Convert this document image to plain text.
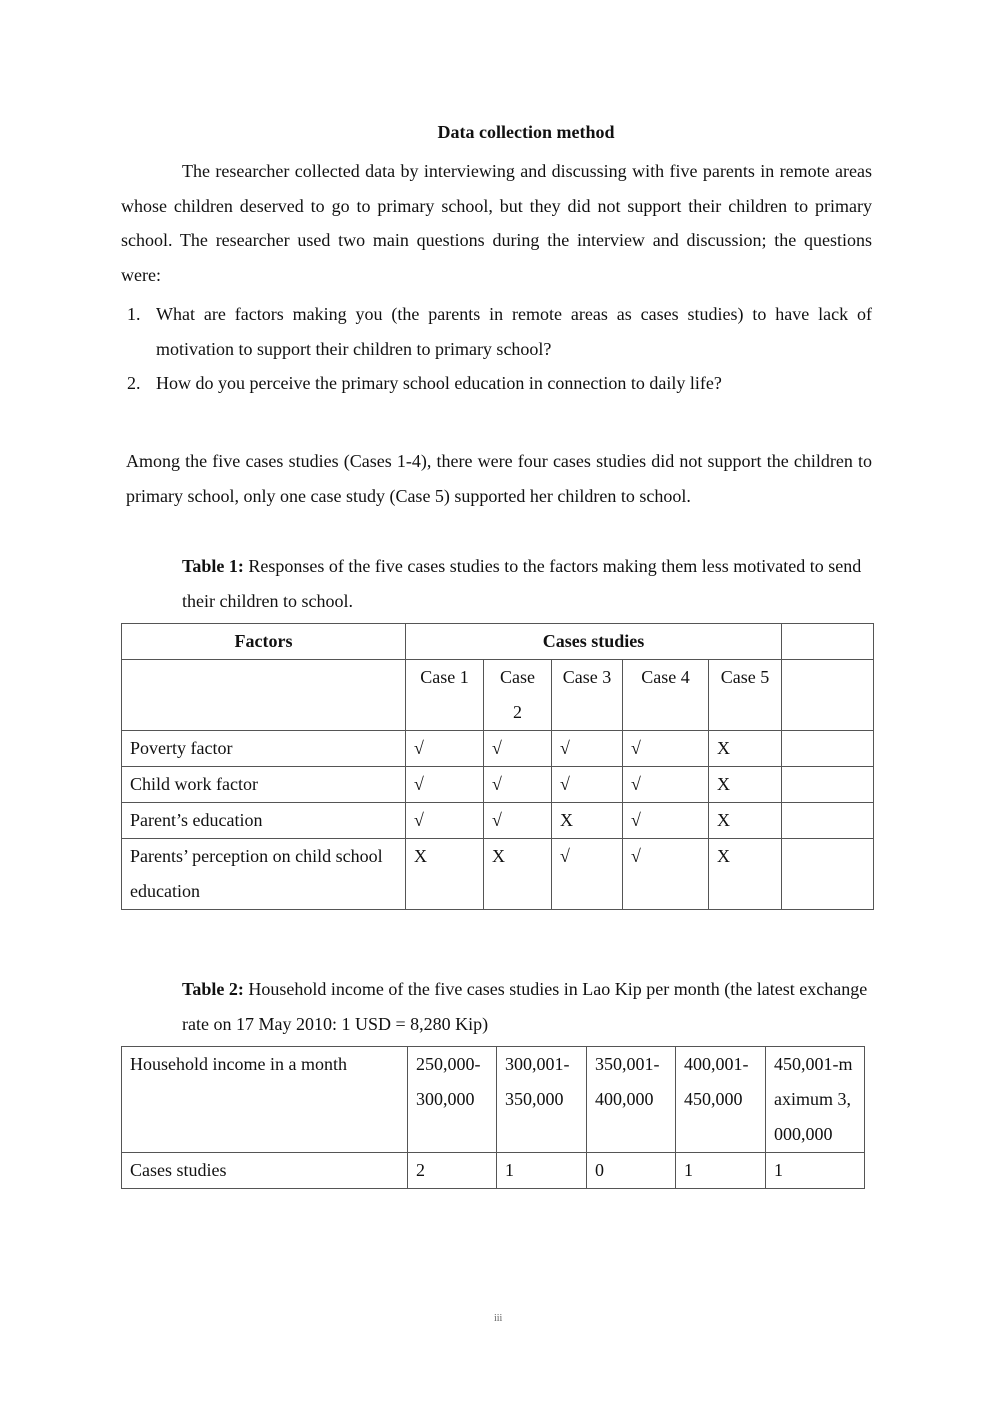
Data collection method

The researcher collected data by interviewing and discussing with five parents in remote areas whose children deserved to go to primary school, but they did not support their children to primary school. The researcher used two main questions during the interview and discussion; the questions were:

1. What are factors making you (the parents in remote areas as cases studies) to have lack of motivation to support their children to primary school?
2. How do you perceive the primary school education in connection to daily life?

Among the five cases studies (Cases 1-4), there were four cases studies did not support the children to primary school, only one case study (Case 5) supported her children to school.

Table 1: Responses of the five cases studies to the factors making them less motivated to send their children to school.

Factors	Cases studies					
	Case 1	Case 2	Case 3	Case 4	Case 5	
Poverty factor	√	√	√	√	X	
Child work factor	√	√	√	√	X	
Parent’s education	√	√	X	√	X	
Parents’ perception on child school education	X	X	√	√	X	

Table 2: Household income of the five cases studies in Lao Kip per month (the latest exchange rate on 17 May 2010: 1 USD = 8,280 Kip)

Household income in a month	250,000-300,000	300,001-350,000	350,001-400,000	400,001-450,000	450,001-maximum 3,000,000
Cases studies	2	1	0	1	1
iii
